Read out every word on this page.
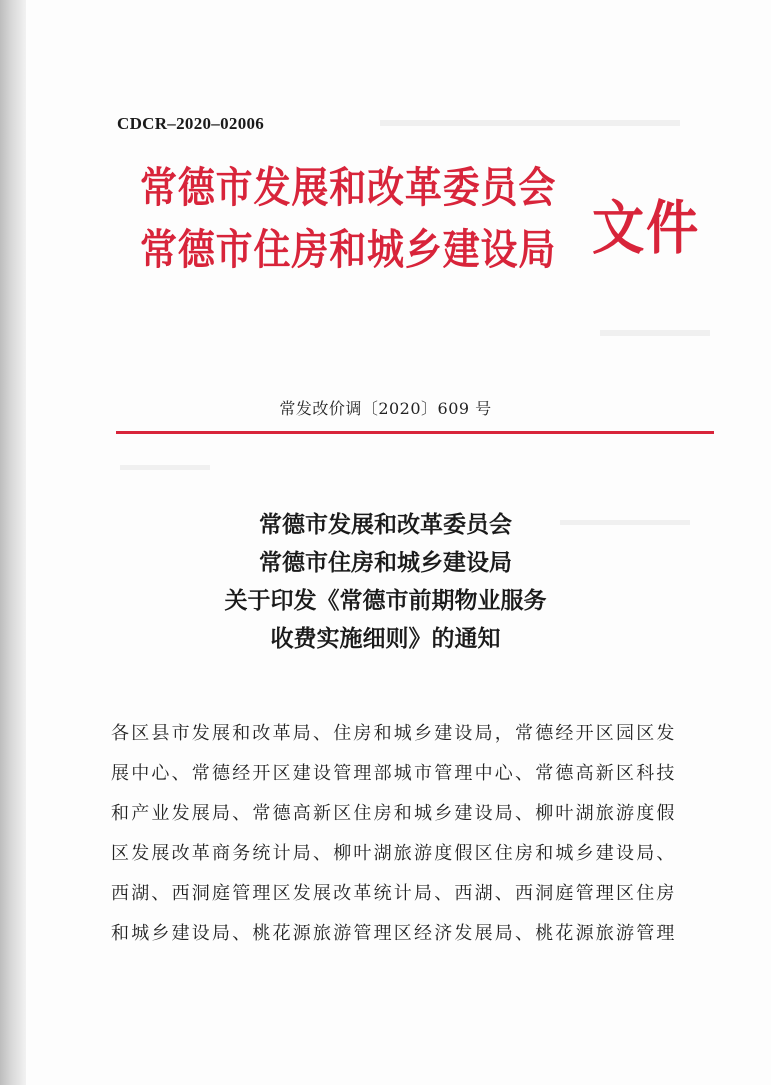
CDCR–2020–02006
常德市发展和改革委员会
常德市住房和城乡建设局 文件
常发改价调〔2020〕609 号
常德市发展和改革委员会
常德市住房和城乡建设局
关于印发《常德市前期物业服务
收费实施细则》的通知
各区县市发展和改革局、住房和城乡建设局，常德经开区园区发
展中心、常德经开区建设管理部城市管理中心、常德高新区科技
和产业发展局、常德高新区住房和城乡建设局、柳叶湖旅游度假
区发展改革商务统计局、柳叶湖旅游度假区住房和城乡建设局、
西湖、西洞庭管理区发展改革统计局、西湖、西洞庭管理区住房
和城乡建设局、桃花源旅游管理区经济发展局、桃花源旅游管理
